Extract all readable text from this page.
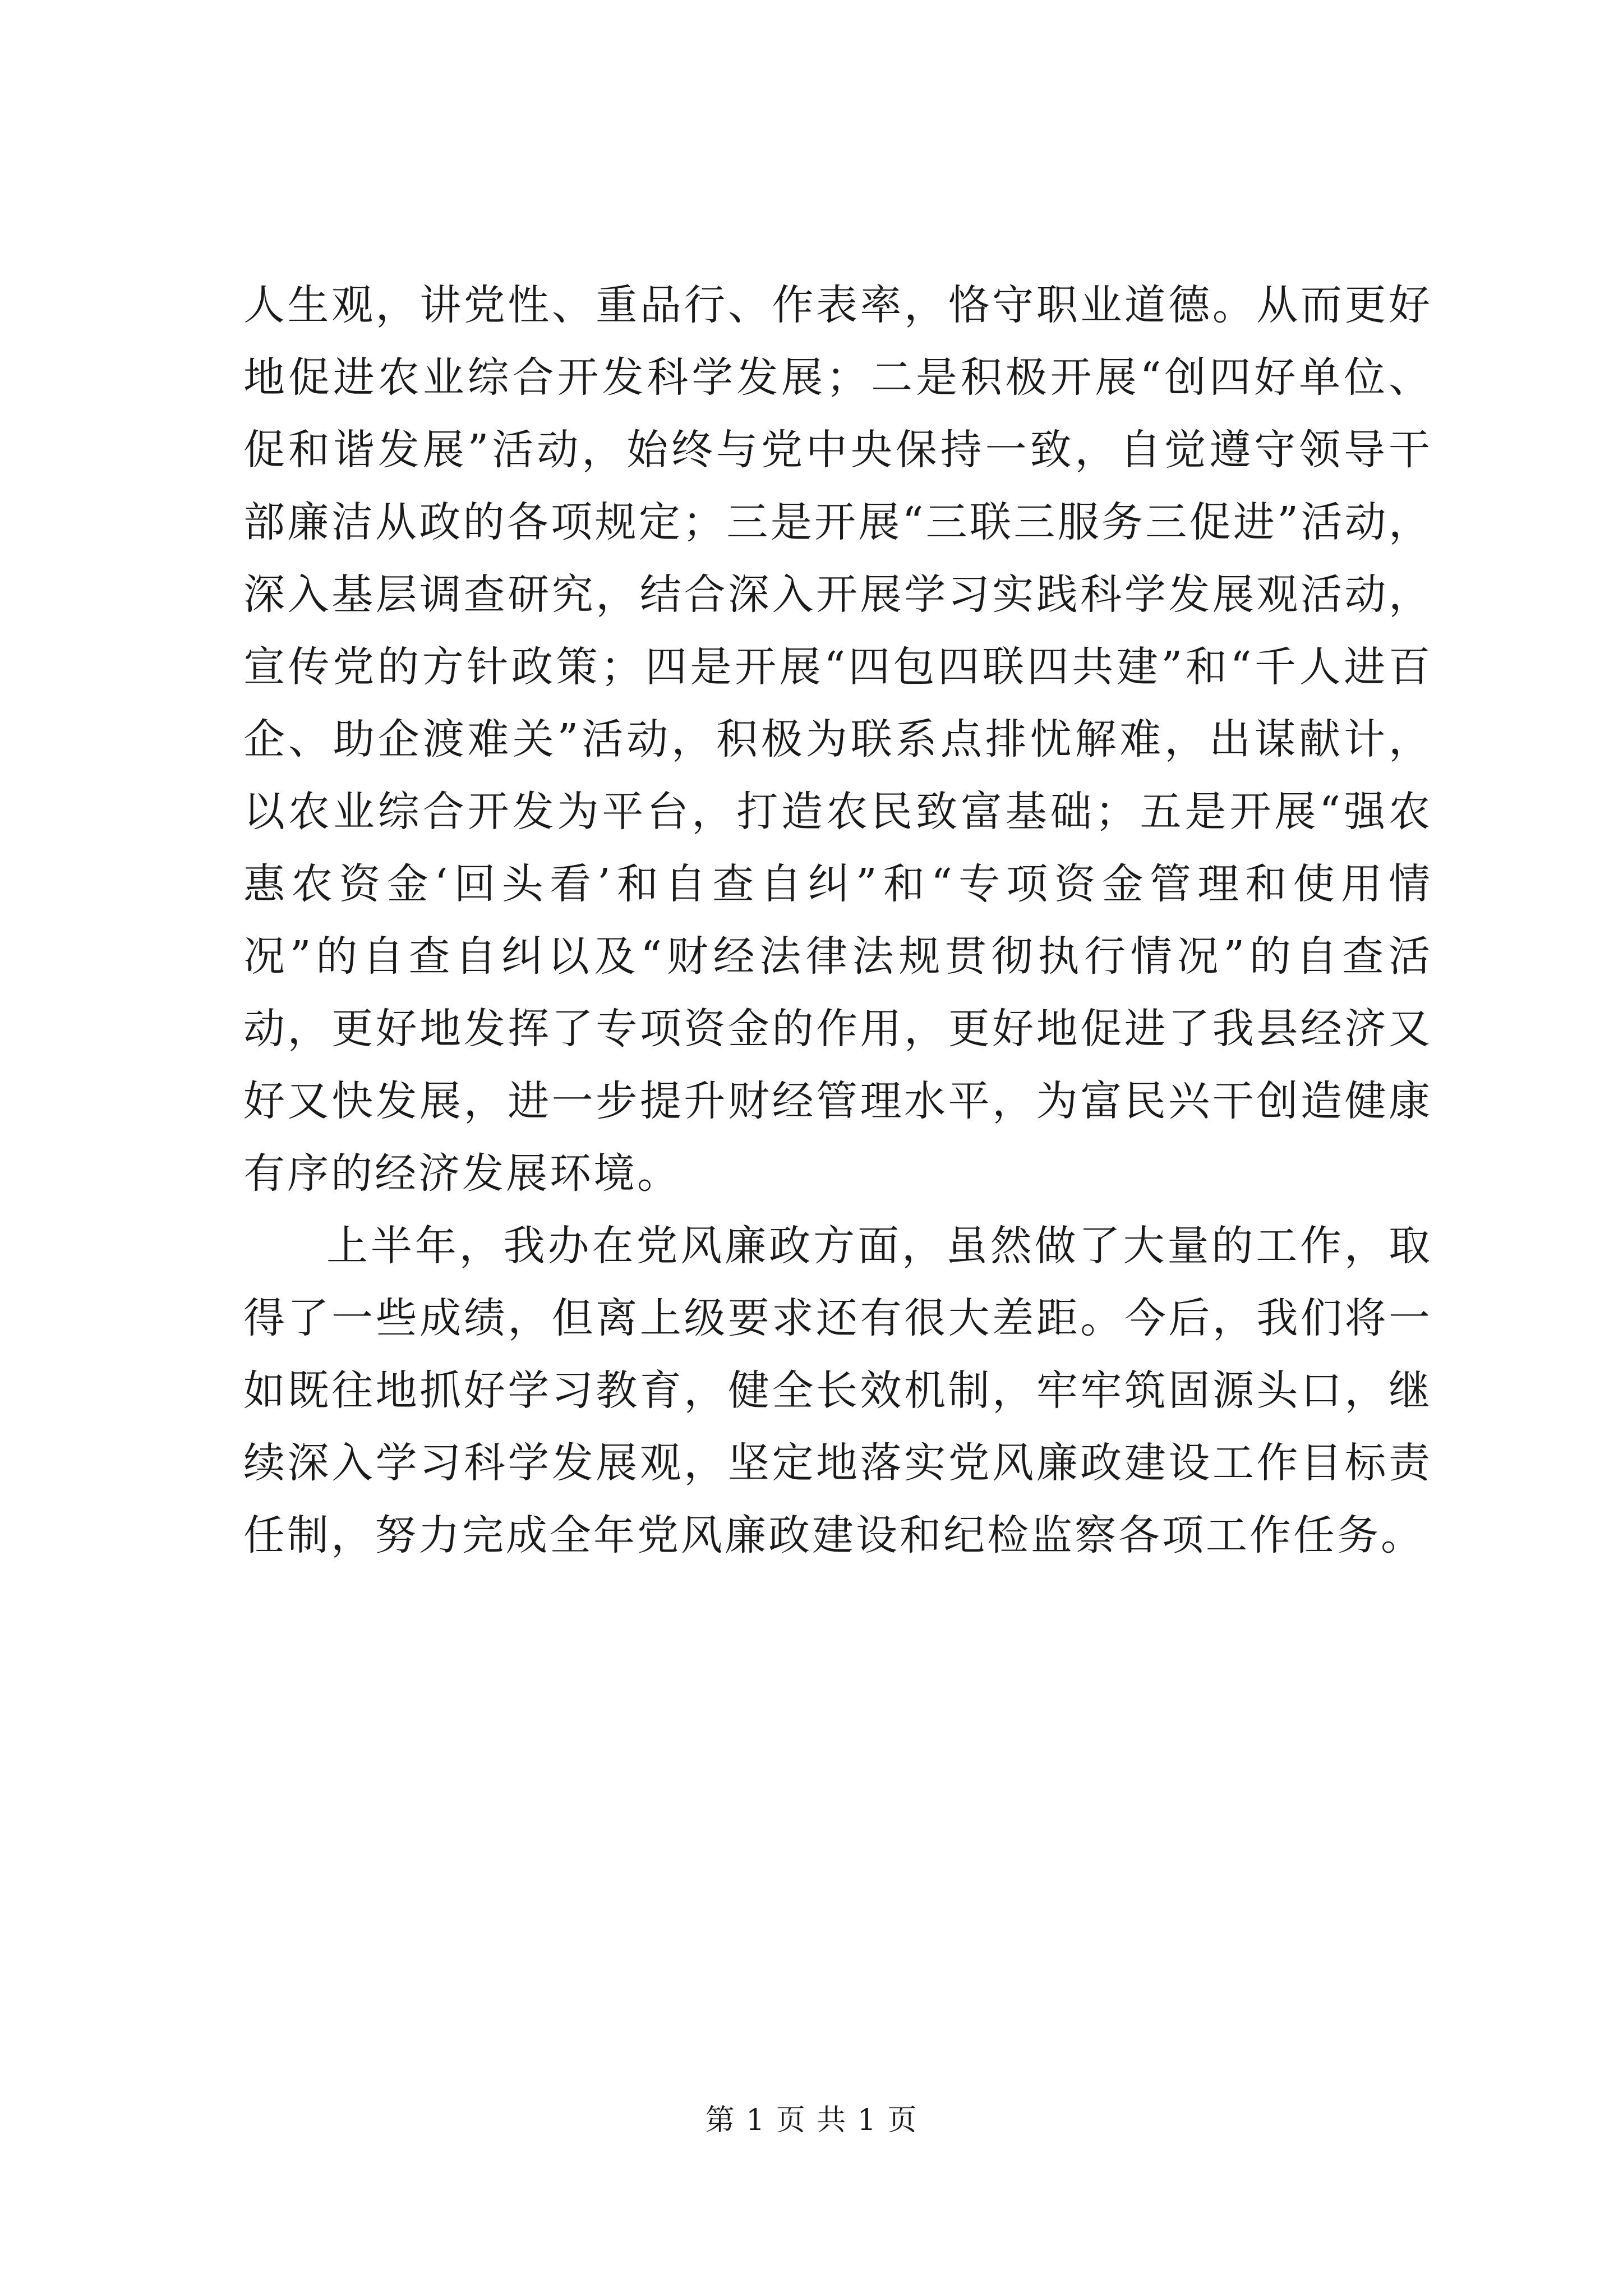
人生观，讲党性、重品行、作表率，恪守职业道德。从而更好地促进农业综合开发科学发展；二是积极开展“创四好单位、促和谐发展”活动，始终与党中央保持一致，自觉遵守领导干部廉洁从政的各项规定；三是开展“三联三服务三促进”活动，深入基层调查研究，结合深入开展学习实践科学发展观活动，宣传党的方针政策；四是开展“四包四联四共建”和“千人进百企、助企渡难关”活动，积极为联系点排忧解难，出谋献计，以农业综合开发为平台，打造农民致富基础；五是开展“强农惠农资金‘回头看’和自查自纠”和“专项资金管理和使用情况”的自查自纠以及“财经法律法规贯彻执行情况”的自查活动，更好地发挥了专项资金的作用，更好地促进了我县经济又好又快发展，进一步提升财经管理水平，为富民兴干创造健康有序的经济发展环境。

上半年，我办在党风廉政方面，虽然做了大量的工作，取得了一些成绩，但离上级要求还有很大差距。今后，我们将一如既往地抓好学习教育，健全长效机制，牢牢筑固源头口，继续深入学习科学发展观，坚定地落实党风廉政建设工作目标责任制，努力完成全年党风廉政建设和纪检监察各项工作任务。

第 1 页 共 1 页
